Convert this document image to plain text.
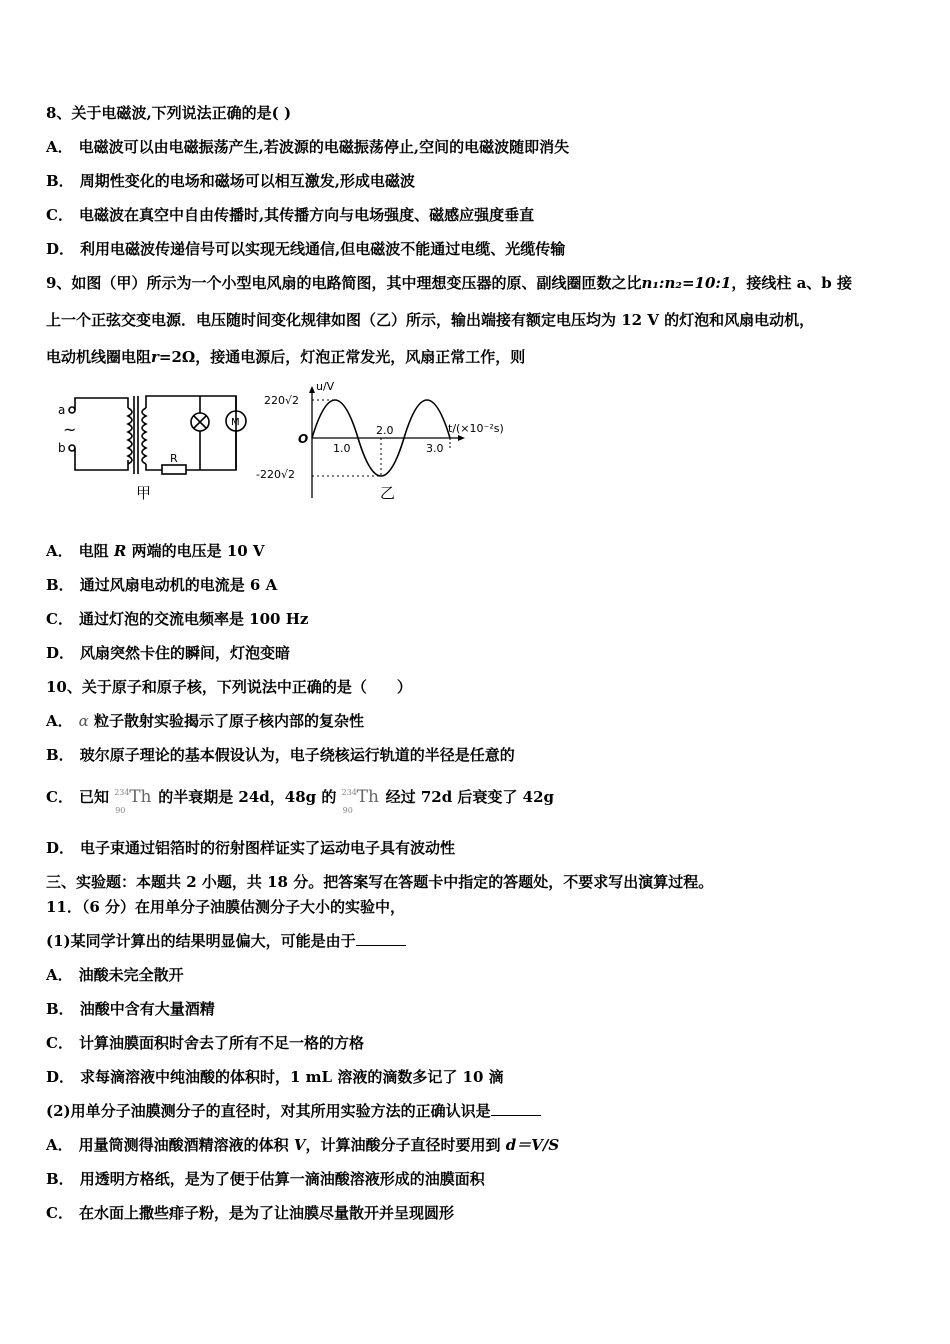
8、关于电磁波,下列说法正确的是( )
A． 电磁波可以由电磁振荡产生,若波源的电磁振荡停止,空间的电磁波随即消失
B． 周期性变化的电场和磁场可以相互激发,形成电磁波
C． 电磁波在真空中自由传播时,其传播方向与电场强度、磁感应强度垂直
D． 利用电磁波传递信号可以实现无线通信,但电磁波不能通过电缆、光缆传输
9、如图（甲）所示为一个小型电风扇的电路简图，其中理想变压器的原、副线圈匝数之比n₁:n₂=10:1，接线柱 a、b 接
上一个正弦交变电源．电压随时间变化规律如图（乙）所示，输出端接有额定电压均为 12 V 的灯泡和风扇电动机，
电动机线圈电阻r=2Ω，接通电源后，灯泡正常发光，风扇正常工作，则
a
b
~
R
M
甲
u/V
t/(×10⁻²s)
220√2
-220√2
O
1.0
2.0
3.0
乙
A． 电阻 R 两端的电压是 10 V
B． 通过风扇电动机的电流是 6 A
C． 通过灯泡的交流电频率是 100 Hz
D． 风扇突然卡住的瞬间，灯泡变暗
10、关于原子和原子核，下列说法中正确的是（　　）
A． α 粒子散射实验揭示了原子核内部的复杂性
B． 玻尔原子理论的基本假设认为，电子绕核运行轨道的半径是任意的
C． 已知 234
90
Th 的半衰期是 24d，48g 的 234
90
Th 经过 72d 后衰变了 42g
D． 电子束通过铝箔时的衍射图样证实了运动电子具有波动性
三、实验题：本题共 2 小题，共 18 分。把答案写在答题卡中指定的答题处，不要求写出演算过程。
11．（6 分）在用单分子油膜估测分子大小的实验中，
(1)某同学计算出的结果明显偏大，可能是由于
A． 油酸未完全散开
B． 油酸中含有大量酒精
C． 计算油膜面积时舍去了所有不足一格的方格
D． 求每滴溶液中纯油酸的体积时，1 mL 溶液的滴数多记了 10 滴
(2)用单分子油膜测分子的直径时，对其所用实验方法的正确认识是
A． 用量筒测得油酸酒精溶液的体积 V，计算油酸分子直径时要用到 d＝V/S
B． 用透明方格纸，是为了便于估算一滴油酸溶液形成的油膜面积
C． 在水面上撒些痱子粉，是为了让油膜尽量散开并呈现圆形
